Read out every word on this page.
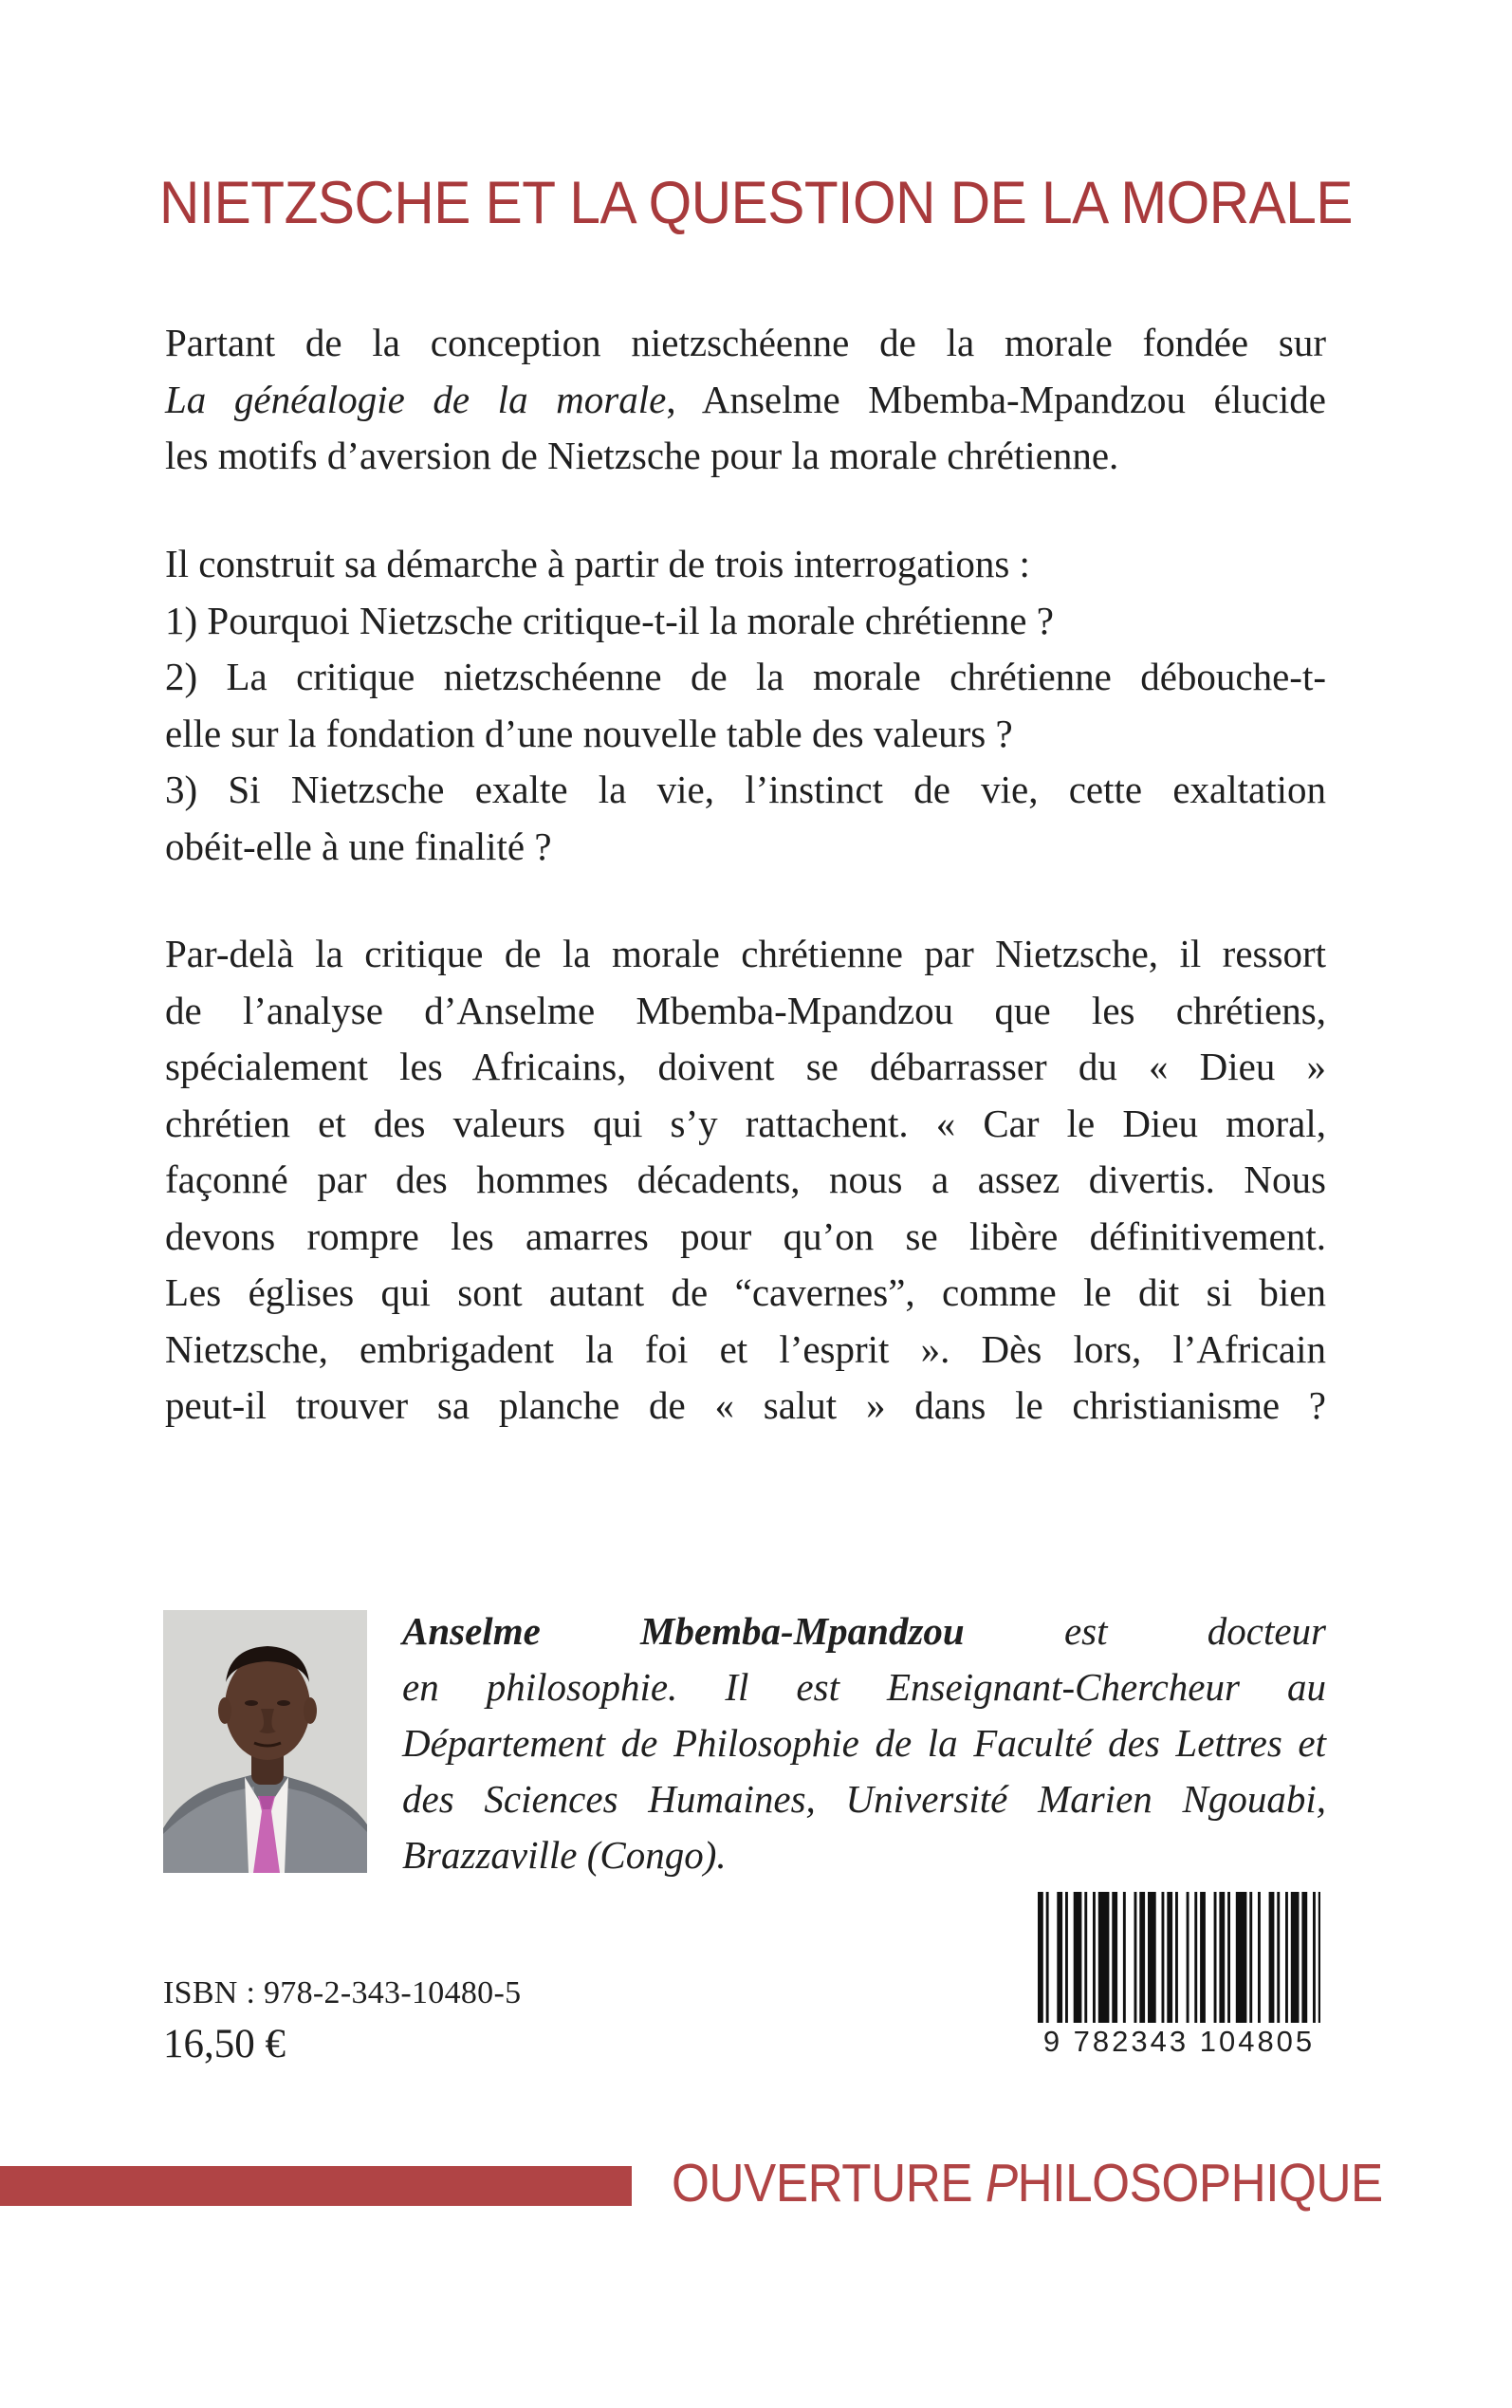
NIETZSCHE ET LA QUESTION DE LA MORALE
Partant de la conception nietzschéenne de la morale fondée sur
La généalogie de la morale, Anselme Mbemba-Mpandzou élucide
les motifs d’aversion de Nietzsche pour la morale chrétienne.
Il construit sa démarche à partir de trois interrogations :
1) Pourquoi Nietzsche critique-t-il la morale chrétienne ?
2) La critique nietzschéenne de la morale chrétienne débouche-t-
elle sur la fondation d’une nouvelle table des valeurs ?
3) Si Nietzsche exalte la vie, l’instinct de vie, cette exaltation
obéit-elle à une finalité ?
Par-delà la critique de la morale chrétienne par Nietzsche, il ressort
de l’analyse d’Anselme Mbemba-Mpandzou que les chrétiens,
spécialement les Africains, doivent se débarrasser du « Dieu »
chrétien et des valeurs qui s’y rattachent. « Car le Dieu moral,
façonné par des hommes décadents, nous a assez divertis. Nous
devons rompre les amarres pour qu’on se libère définitivement.
Les églises qui sont autant de “cavernes”, comme le dit si bien
Nietzsche, embrigadent la foi et l’esprit ». Dès lors, l’Africain
peut-il trouver sa planche de « salut » dans le christianisme ?
Anselme Mbemba-Mpandzou	est docteur
en philosophie. Il est Enseignant-Chercheur au
Département de Philosophie de la Faculté des Lettres et
des Sciences Humaines, Université Marien Ngouabi,
Brazzaville (Congo).
ISBN : 978-2-343-10480-5
16,50 €	9 782343 104805
OUVERTURE PHILOSOPHIQUE
